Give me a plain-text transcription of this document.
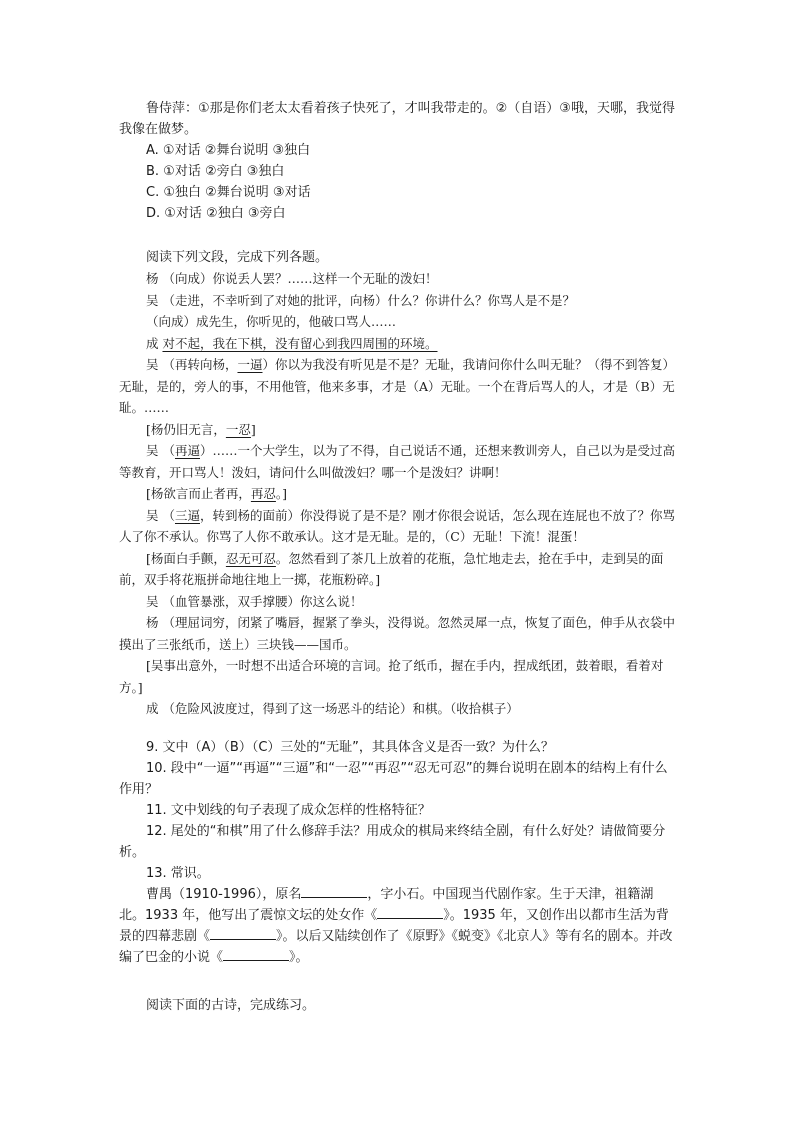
鲁侍萍：①那是你们老太太看着孩子快死了，才叫我带走的。②（自语）③哦，天哪，我觉得我像在做梦。

A. ①对话 ②舞台说明 ③独白

B. ①对话 ②旁白 ③独白

C. ①独白 ②舞台说明 ③对话

D. ①对话 ②独白 ③旁白

阅读下列文段，完成下列各题。

杨 （向成）你说丢人罢？……这样一个无耻的泼妇！

吴 （走进，不幸听到了对她的批评，向杨）什么？你讲什么？你骂人是不是？

（向成）成先生，你听见的，他破口骂人……

成 对不起，我在下棋，没有留心到我四周围的环境。

吴 （再转向杨，一逼）你以为我没有听见是不是？无耻，我请问你什么叫无耻？（得不到答复）无耻，是的，旁人的事，不用他管，他来多事，才是（A）无耻。一个在背后骂人的人，才是（B）无耻。……

[杨仍旧无言，一忍]

吴 （再逼）……一个大学生，以为了不得，自己说话不通，还想来教训旁人，自己以为是受过高等教育，开口骂人！泼妇，请问什么叫做泼妇？哪一个是泼妇？讲啊！

[杨欲言而止者再，再忍。]

吴 （三逼，转到杨的面前）你没得说了是不是？刚才你很会说话，怎么现在连屁也不放了？你骂人了你不承认。你骂了人你不敢承认。这才是无耻。是的，（C）无耻！下流！混蛋！

[杨面白手颤，忍无可忍。忽然看到了茶几上放着的花瓶，急忙地走去，抢在手中，走到吴的面前，双手将花瓶拼命地往地上一掷，花瓶粉碎。]

吴 （血管暴涨，双手撑腰）你这么说！

杨 （理屈词穷，闭紧了嘴唇，握紧了拳头，没得说。忽然灵犀一点，恢复了面色，伸手从衣袋中摸出了三张纸币，送上）三块钱——国币。

[吴事出意外，一时想不出适合环境的言词。抢了纸币，握在手内，捏成纸团，鼓着眼，看着对方。]

成 （危险风波度过，得到了这一场恶斗的结论）和棋。（收拾棋子）

9. 文中（A）（B）（C）三处的“无耻”，其具体含义是否一致？为什么？

10. 段中“一逼”“再逼”“三逼”和“一忍”“再忍”“忍无可忍”的舞台说明在剧本的结构上有什么作用？

11. 文中划线的句子表现了成众怎样的性格特征？

12. 尾处的“和棋”用了什么修辞手法？用成众的棋局来终结全剧，有什么好处？请做简要分析。

13. 常识。

曹禺（1910-1996），原名	，字小石。中国现当代剧作家。生于天津，祖籍湖北。1933 年，他写出了震惊文坛的处女作《	》。1935 年，又创作出以都市生活为背景的四幕悲剧《	》。以后又陆续创作了《原野》《蜕变》《北京人》等有名的剧本。并改编了巴金的小说《	》。

阅读下面的古诗，完成练习。
